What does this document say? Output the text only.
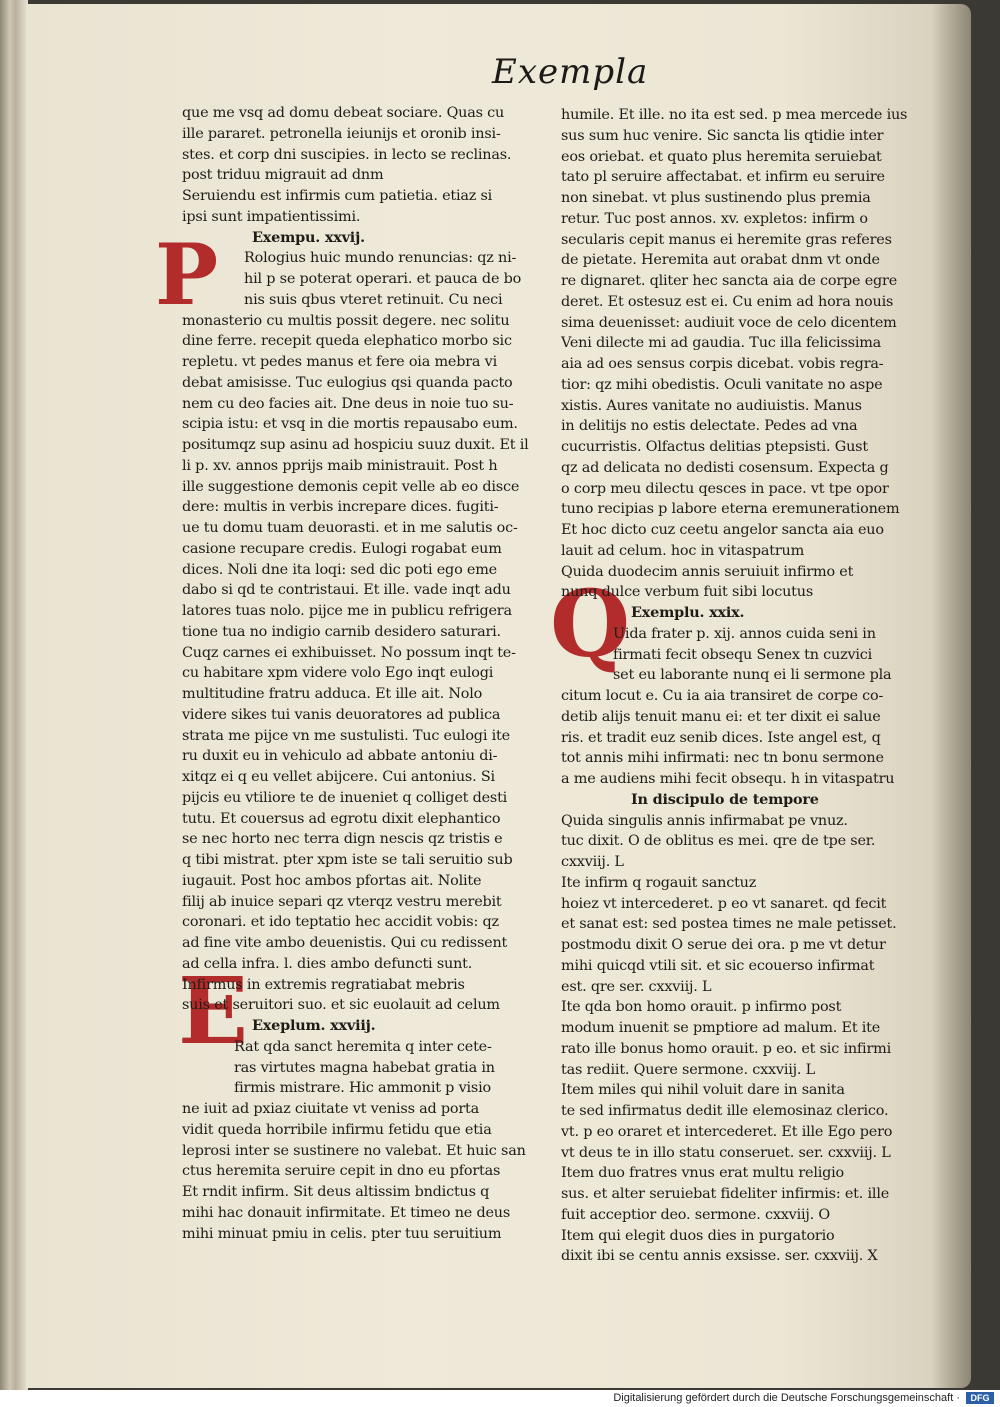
Exempla
P
E
Q
que me vsq ad domu debeat sociare. Quas cu
ille pararet. petronella ieiunijs et oronib insi-
stes. et corp dni suscipies. in lecto se reclinas.
post triduu migrauit ad dnm
Seruiendu est infirmis cum patietia. etiaz si
ipsi sunt impatientissimi.
Exempu. xxvij.
Rologius huic mundo renuncias: qz ni-
hil p se poterat operari. et pauca de bo
nis suis qbus vteret retinuit. Cu neci
monasterio cu multis possit degere. nec solitu
dine ferre. recepit queda elephatico morbo sic
repletu. vt pedes manus et fere oia mebra vi
debat amisisse. Tuc eulogius qsi quanda pacto
nem cu deo facies ait. Dne deus in noie tuo su-
scipia istu: et vsq in die mortis repausabo eum.
positumqz sup asinu ad hospiciu suuz duxit. Et il
li p. xv. annos pprijs maib ministrauit. Post h
ille suggestione demonis cepit velle ab eo disce
dere: multis in verbis increpare dices. fugiti-
ue tu domu tuam deuorasti. et in me salutis oc-
casione recupare credis. Eulogi rogabat eum
dices. Noli dne ita loqi: sed dic poti ego eme
dabo si qd te contristaui. Et ille. vade inqt adu
latores tuas nolo. pijce me in publicu refrigera
tione tua no indigio carnib desidero saturari.
Cuqz carnes ei exhibuisset. No possum inqt te-
cu habitare xpm videre volo Ego inqt eulogi
multitudine fratru adduca. Et ille ait. Nolo
videre sikes tui vanis deuoratores ad publica
strata me pijce vn me sustulisti. Tuc eulogi ite
ru duxit eu in vehiculo ad abbate antoniu di-
xitqz ei q eu vellet abijcere. Cui antonius. Si
pijcis eu vtiliore te de inueniet q colliget desti
tutu. Et couersus ad egrotu dixit elephantico
se nec horto nec terra dign nescis qz tristis e
q tibi mistrat. pter xpm iste se tali seruitio sub
iugauit. Post hoc ambos pfortas ait. Nolite
filij ab inuice separi qz vterqz vestru merebit
coronari. et ido teptatio hec accidit vobis: qz
ad fine vite ambo deuenistis. Qui cu redissent
ad cella infra. l. dies ambo defuncti sunt.
Infirmus in extremis regratiabat mebris
suis et seruitori suo. et sic euolauit ad celum
Exeplum. xxviij.
Rat qda sanct heremita q inter cete-
ras virtutes magna habebat gratia in
firmis mistrare. Hic ammonit p visio
ne iuit ad pxiaz ciuitate vt veniss ad porta
vidit queda horribile infirmu fetidu que etia
leprosi inter se sustinere no valebat. Et huic san
ctus heremita seruire cepit in dno eu pfortas
Et rndit infirm. Sit deus altissim bndictus q
mihi hac donauit infirmitate. Et timeo ne deus
mihi minuat pmiu in celis. pter tuu seruitium
humile. Et ille. no ita est sed. p mea mercede ius
sus sum huc venire. Sic sancta lis qtidie inter
eos oriebat. et quato plus heremita seruiebat
tato pl seruire affectabat. et infirm eu seruire
non sinebat. vt plus sustinendo plus premia
retur. Tuc post annos. xv. expletos: infirm o
secularis cepit manus ei heremite gras referes
de pietate. Heremita aut orabat dnm vt onde
re dignaret. qliter hec sancta aia de corpe egre
deret. Et ostesuz est ei. Cu enim ad hora nouis
sima deuenisset: audiuit voce de celo dicentem
Veni dilecte mi ad gaudia. Tuc illa felicissima
aia ad oes sensus corpis dicebat. vobis regra-
tior: qz mihi obedistis. Oculi vanitate no aspe
xistis. Aures vanitate no audiuistis. Manus
in delitijs no estis delectate. Pedes ad vna
cucurristis. Olfactus delitias ptepsisti. Gust
qz ad delicata no dedisti cosensum. Expecta g
o corp meu dilectu qesces in pace. vt tpe opor
tuno recipias p labore eterna eremunerationem
Et hoc dicto cuz ceetu angelor sancta aia euo
lauit ad celum. hoc in vitaspatrum
Quida duodecim annis seruiuit infirmo et
nunq dulce verbum fuit sibi locutus
Exemplu. xxix.
Uida frater p. xij. annos cuida seni in
firmati fecit obsequ Senex tn cuzvici
set eu laborante nunq ei li sermone pla
citum locut e. Cu ia aia transiret de corpe co-
detib alijs tenuit manu ei: et ter dixit ei salue
ris. et tradit euz senib dices. Iste angel est, q
tot annis mihi infirmati: nec tn bonu sermone
a me audiens mihi fecit obsequ. h in vitaspatru
In discipulo de tempore
Quida singulis annis infirmabat pe vnuz.
tuc dixit. O de oblitus es mei. qre de tpe ser.
cxxviij. L
Ite infirm q rogauit sanctuz
hoiez vt intercederet. p eo vt sanaret. qd fecit
et sanat est: sed postea times ne male petisset.
postmodu dixit O serue dei ora. p me vt detur
mihi quicqd vtili sit. et sic ecouerso infirmat
est. qre ser. cxxviij. L
Ite qda bon homo orauit. p infirmo post
modum inuenit se pmptiore ad malum. Et ite
rato ille bonus homo orauit. p eo. et sic infirmi
tas rediit. Quere sermone. cxxviij. L
Item miles qui nihil voluit dare in sanita
te sed infirmatus dedit ille elemosinaz clerico.
vt. p eo oraret et intercederet. Et ille Ego pero
vt deus te in illo statu conseruet. ser. cxxviij. L
Item duo fratres vnus erat multu religio
sus. et alter seruiebat fideliter infirmis: et. ille
fuit acceptior deo. sermone. cxxviij. O
Item qui elegit duos dies in purgatorio
dixit ibi se centu annis exsisse. ser. cxxviij. X
Digitalisierung gefördert durch die Deutsche Forschungsgemeinschaft ·	DFG
